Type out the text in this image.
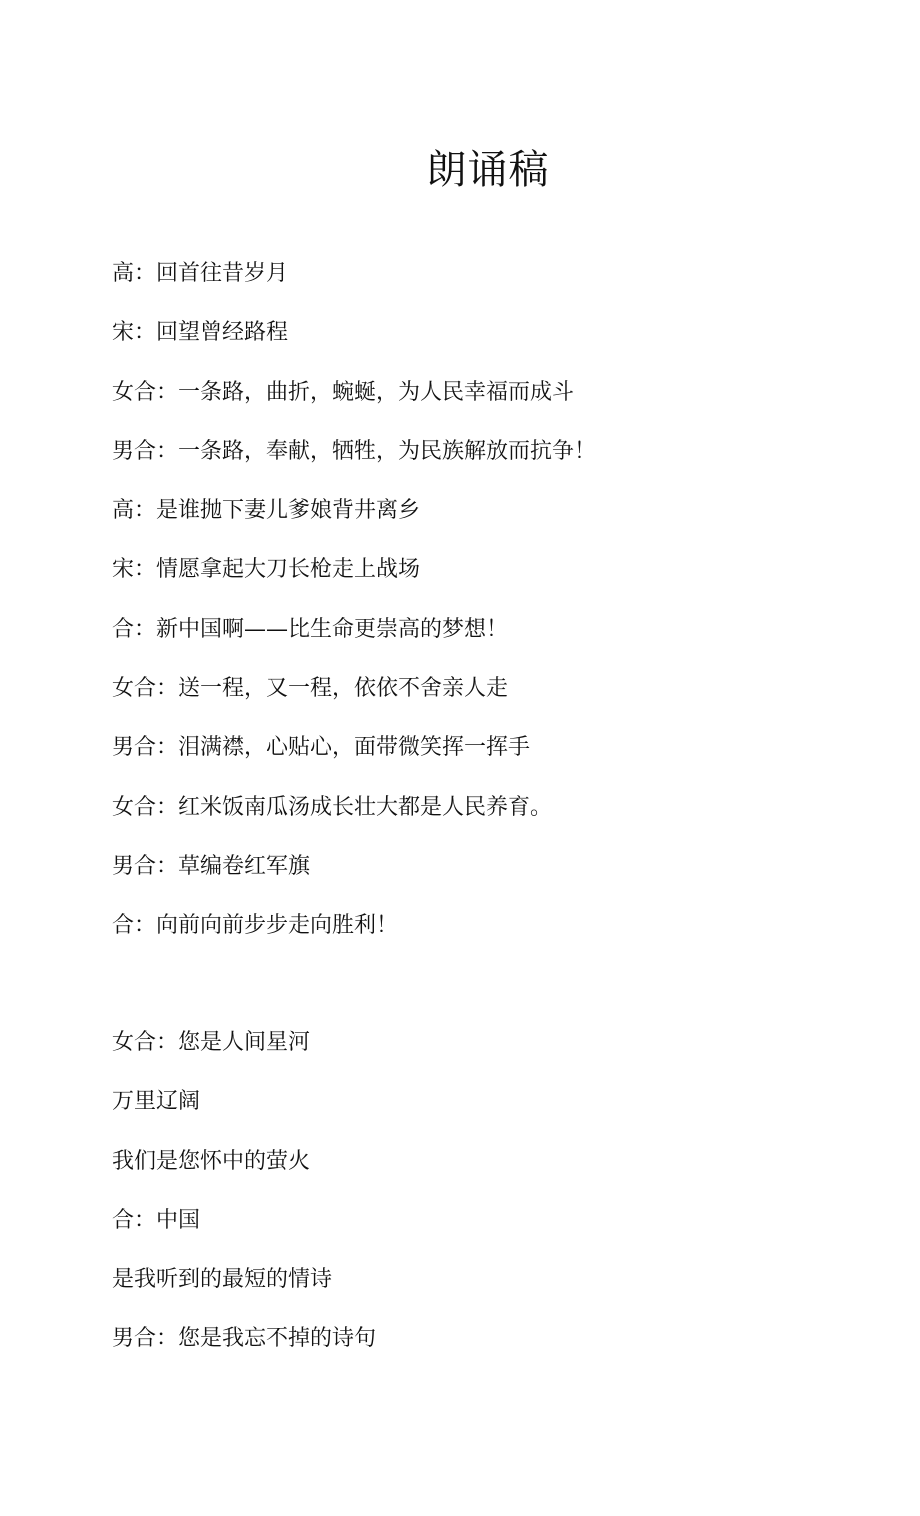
朗诵稿
高：回首往昔岁月
宋：回望曾经路程
女合：一条路，曲折，蜿蜒，为人民幸福而成斗
男合：一条路，奉献，牺牲，为民族解放而抗争！
高：是谁抛下妻儿爹娘背井离乡
宋：情愿拿起大刀长枪走上战场
合：新中国啊——比生命更崇高的梦想！
女合：送一程，又一程，依依不舍亲人走
男合：泪满襟，心贴心，面带微笑挥一挥手
女合：红米饭南瓜汤成长壮大都是人民养育。
男合：草编卷红军旗
合：向前向前步步走向胜利！
女合：您是人间星河
万里辽阔
我们是您怀中的萤火
合：中国
是我听到的最短的情诗
男合：您是我忘不掉的诗句
